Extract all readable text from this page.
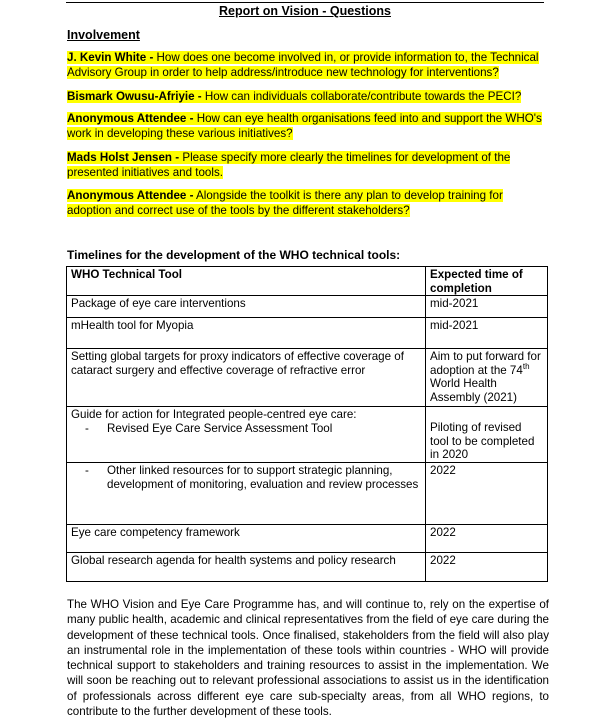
Report on Vision - Questions
Involvement
J. Kevin White - How does one become involved in, or provide information to, the Technical Advisory Group in order to help address/introduce new technology for interventions?
Bismark Owusu-Afriyie - How can individuals collaborate/contribute towards the PECI?
Anonymous Attendee - How can eye health organisations feed into and support the WHO's work in developing these various initiatives?
Mads Holst Jensen - Please specify more clearly the timelines for development of the presented initiatives and tools.
Anonymous Attendee - Alongside the toolkit is there any plan to develop training for adoption and correct use of the tools by the different stakeholders?
Timelines for the development of the WHO technical tools:
WHO Technical Tool	Expected time of completion
Package of eye care interventions	mid-2021
mHealth tool for Myopia	mid-2021
Setting global targets for proxy indicators of effective coverage of cataract surgery and effective coverage of refractive error	Aim to put forward for adoption at the 74th World Health Assembly (2021)

Guide for action for Integrated people-centred eye care:
- Revised Eye Care Service Assessment Tool	Piloting of revised tool to be completed in 2020

- Other linked resources for to support strategic planning, development of monitoring, evaluation and review processes	2022
Eye care competency framework	2022
Global research agenda for health systems and policy research	2022
The WHO Vision and Eye Care Programme has, and will continue to, rely on the expertise of many public health, academic and clinical representatives from the field of eye care during the development of these technical tools. Once finalised, stakeholders from the field will also play an instrumental role in the implementation of these tools within countries - WHO will provide technical support to stakeholders and training resources to assist in the implementation. We will soon be reaching out to relevant professional associations to assist us in the identification of professionals across different eye care sub-specialty areas, from all WHO regions, to contribute to the further development of these tools.
